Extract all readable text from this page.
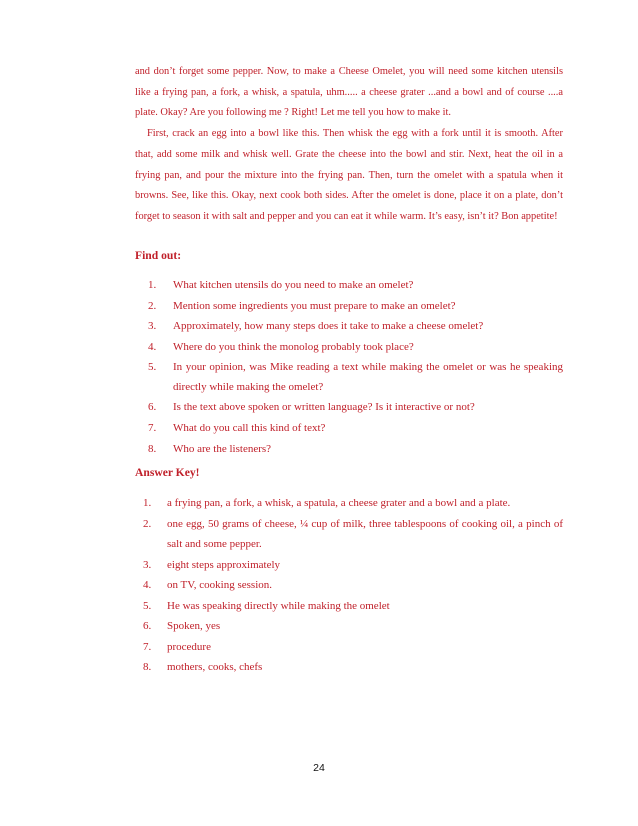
and don’t forget some pepper. Now, to make a Cheese Omelet, you will need some kitchen utensils like a frying pan, a fork, a whisk, a spatula, uhm..... a cheese grater ...and a bowl and of course ....a plate. Okay? Are you following me ? Right! Let me tell you how to make it.

First, crack an egg into a bowl like this. Then whisk the egg with a fork until it is smooth. After that, add some milk and whisk well. Grate the cheese into the bowl and stir. Next, heat the oil in a frying pan, and pour the mixture into the frying pan. Then, turn the omelet with a spatula when it browns. See, like this. Okay, next cook both sides. After the omelet is done, place it on a plate, don’t forget to season it with salt and pepper and you can eat it while warm. It’s easy, isn’t it? Bon appetite!

Find out:
1. What kitchen utensils do you need to make an omelet?
2. Mention some ingredients you must prepare to make an omelet?
3. Approximately, how many steps does it take to make a cheese omelet?
4. Where do you think the monolog probably took place?
5. In your opinion, was Mike reading a text while making the omelet or was he speaking directly while making the omelet?
6. Is the text above spoken or written language? Is it interactive or not?
7. What do you call this kind of text?
8. Who are the listeners?
Answer Key!
1. a frying pan, a fork, a whisk, a spatula, a cheese grater and a bowl and a plate.
2. one egg, 50 grams of cheese, ¼ cup of milk, three tablespoons of cooking oil, a pinch of salt and some pepper.
3. eight steps approximately
4. on TV, cooking session.
5. He was speaking directly while making the omelet
6. Spoken, yes
7. procedure
8. mothers, cooks, chefs
24
